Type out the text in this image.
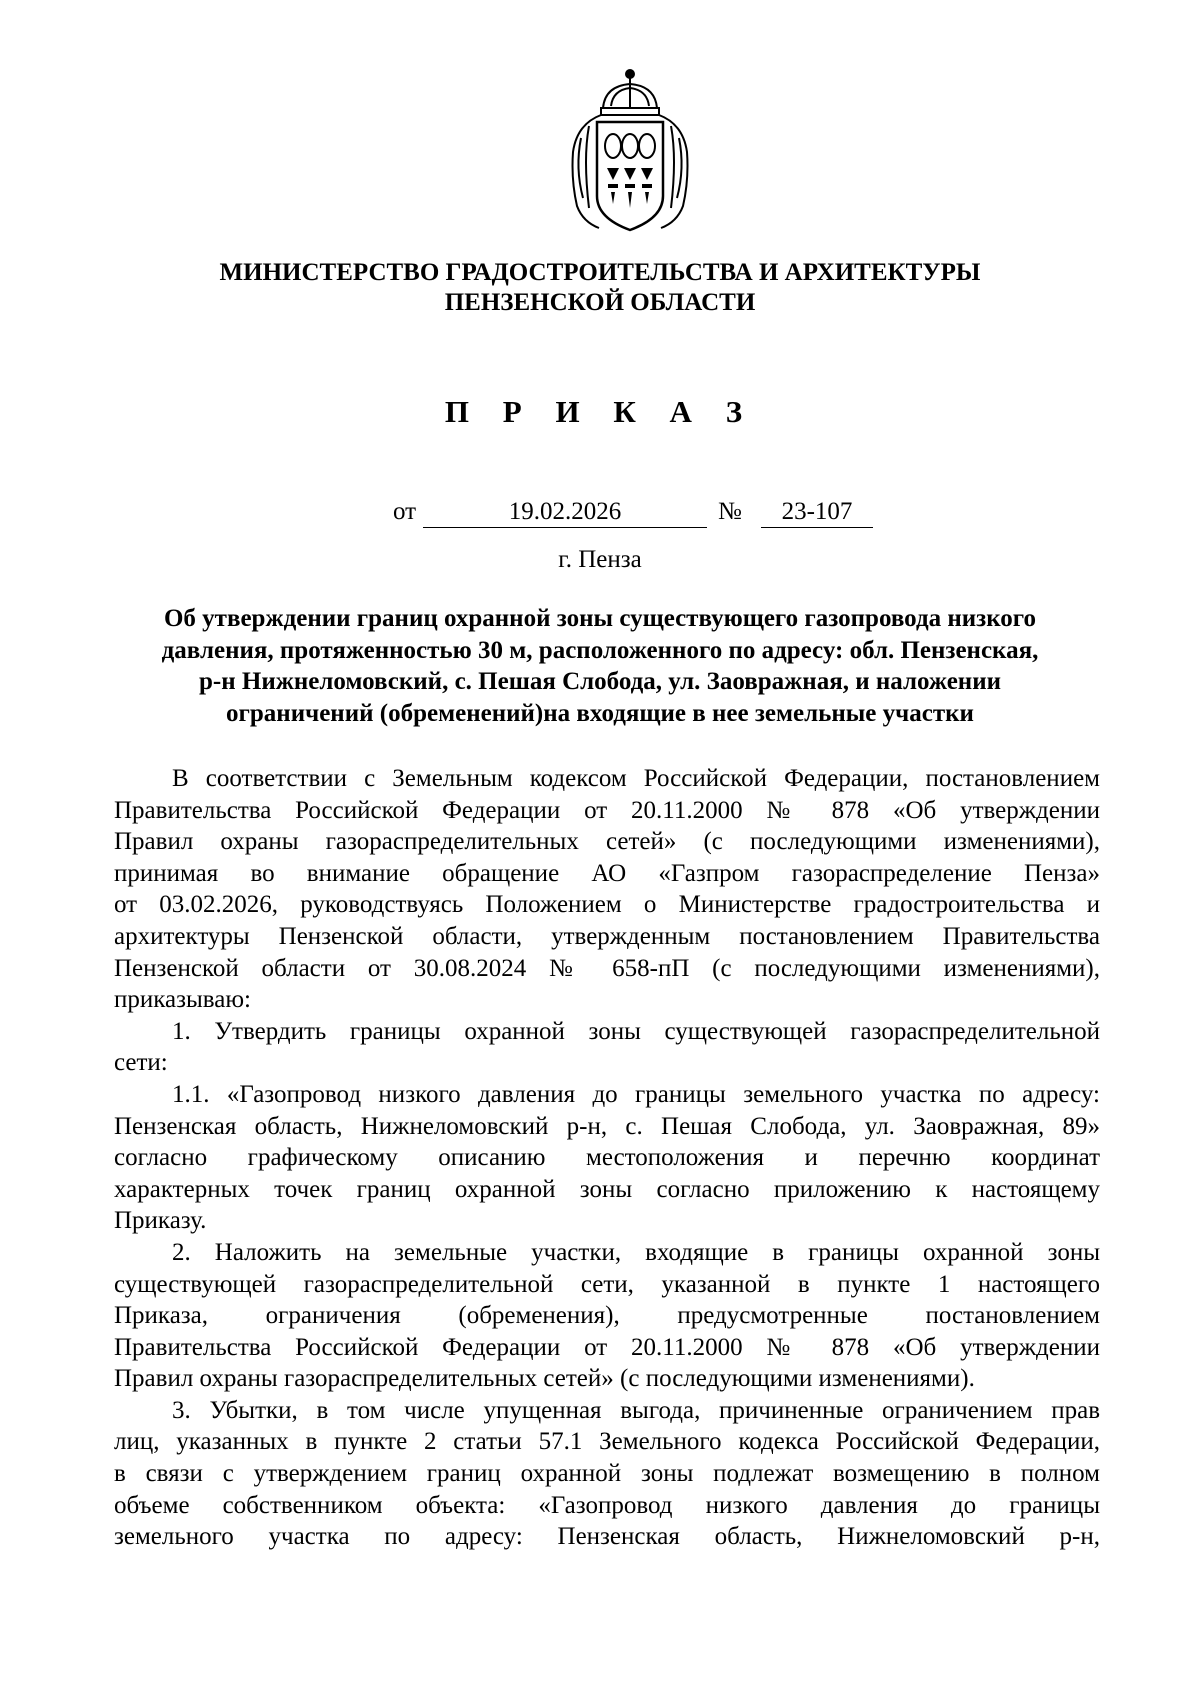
МИНИСТЕРСТВО ГРАДОСТРОИТЕЛЬСТВА И АРХИТЕКТУРЫ
ПЕНЗЕНСКОЙ ОБЛАСТИ
П Р И К А З
от	19.02.2026	№	23-107
г. Пенза
Об утверждении границ охранной зоны существующего газопровода низкого
давления, протяженностью 30 м, расположенного по адресу: обл. Пензенская,
р-н Нижнеломовский, с. Пешая Слобода, ул. Заовражная, и наложении
ограничений (обременений)на входящие в нее земельные участки
В соответствии с Земельным кодексом Российской Федерации, постановлением
Правительства Российской Федерации от 20.11.2000 № 878 «Об утверждении
Правил охраны газораспределительных сетей» (с последующими изменениями),
принимая во внимание обращение АО «Газпром газораспределение Пенза»
от 03.02.2026, руководствуясь Положением о Министерстве градостроительства и
архитектуры Пензенской области, утвержденным постановлением Правительства
Пензенской области от 30.08.2024 № 658-пП (с последующими изменениями),
приказываю:
1. Утвердить границы охранной зоны существующей газораспределительной
сети:
1.1. «Газопровод низкого давления до границы земельного участка по адресу:
Пензенская область, Нижнеломовский р-н, с. Пешая Слобода, ул. Заовражная, 89»
согласно графическому описанию местоположения и перечню координат
характерных точек границ охранной зоны согласно приложению к настоящему
Приказу.
2. Наложить на земельные участки, входящие в границы охранной зоны
существующей газораспределительной сети, указанной в пункте 1 настоящего
Приказа, ограничения (обременения), предусмотренные постановлением
Правительства Российской Федерации от 20.11.2000 № 878 «Об утверждении
Правил охраны газораспределительных сетей» (с последующими изменениями).
3. Убытки, в том числе упущенная выгода, причиненные ограничением прав
лиц, указанных в пункте 2 статьи 57.1 Земельного кодекса Российской Федерации,
в связи с утверждением границ охранной зоны подлежат возмещению в полном
объеме собственником объекта: «Газопровод низкого давления до границы
земельного участка по адресу: Пензенская область, Нижнеломовский р-н,
